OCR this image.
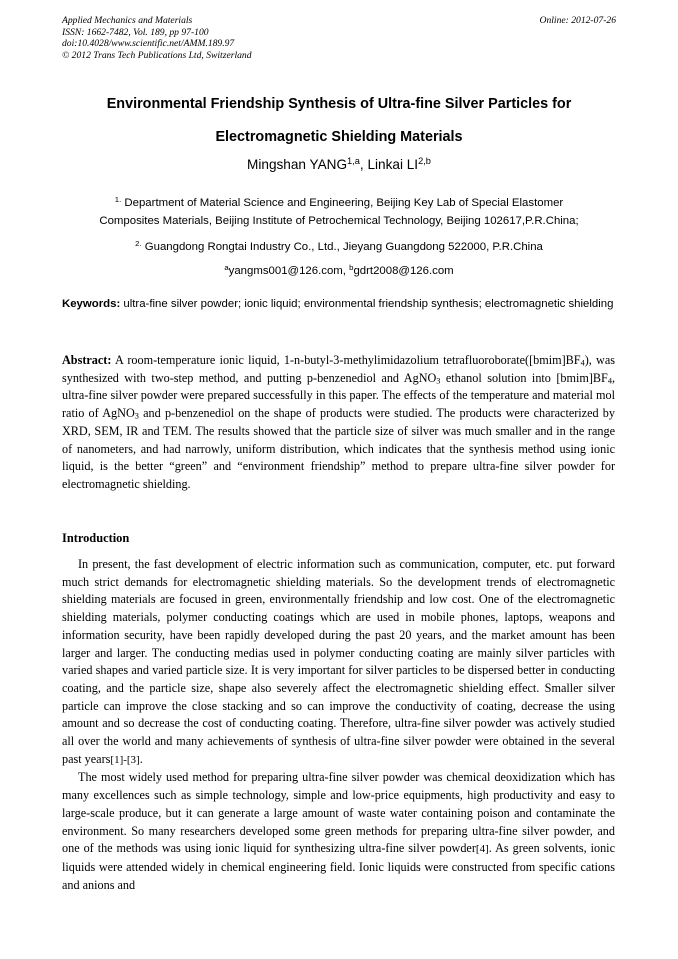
Applied Mechanics and Materials
ISSN: 1662-7482, Vol. 189, pp 97-100
doi:10.4028/www.scientific.net/AMM.189.97
© 2012 Trans Tech Publications Ltd, Switzerland
Online: 2012-07-26
Environmental Friendship Synthesis of Ultra-fine Silver Particles for
Electromagnetic Shielding Materials
Mingshan YANG$^{1,a}$, Linkai LI$^{2,b}$
$^{1.}$ Department of Material Science and Engineering, Beijing Key Lab of Special Elastomer
Composites Materials, Beijing Institute of Petrochemical Technology, Beijing 102617,P.R.China;
$^{2.}$ Guangdong Rongtai Industry Co., Ltd., Jieyang Guangdong 522000, P.R.China
$^a$yangms001@126.com, $^b$gdrt2008@126.com
Keywords: ultra-fine silver powder; ionic liquid; environmental friendship synthesis; electromagnetic shielding
Abstract: A room-temperature ionic liquid, 1-n-butyl-3-methylimidazolium $tetrafluoroborate([bmim]BF_4)$, was synthesized with two-step method, and putting p-benzenediol and AgNO$_3$ ethanol solution into $[bmim]BF_4$, ultra-fine silver powder were prepared successfully in this paper. The effects of the temperature and material mol ratio of AgNO$_3$ and p-benzenediol on the shape of products were studied. The products were characterized by XRD, SEM, IR and TEM. The results showed that the particle size of silver was much smaller and in the range of nanometers, and had narrowly, uniform distribution, which indicates that the synthesis method using ionic liquid, is the better “green” and “environment friendship” method to prepare ultra-fine silver powder for electromagnetic shielding.
Introduction

In present, the fast development of electric information such as communication, computer, etc. put forward much strict demands for electromagnetic shielding materials. So the development trends of electromagnetic shielding materials are focused in green, environmentally friendship and low cost. One of the electromagnetic shielding materials, polymer conducting coatings which are used in mobile phones, laptops, weapons and information security, have been rapidly developed during the past 20 years, and the market amount has been larger and larger. The conducting medias used in polymer conducting coating are mainly silver particles with varied shapes and varied particle size. It is very important for silver particles to be dispersed better in conducting coating, and the particle size, shape also severely affect the electromagnetic shielding effect. Smaller silver particle can improve the close stacking and so can improve the conductivity of coating, decrease the using amount and so decrease the cost of conducting coating. Therefore, ultra-fine silver powder was actively studied all over the world and many achievements of synthesis of ultra-fine silver powder were obtained in the several past years[1]-[3].

The most widely used method for preparing ultra-fine silver powder was chemical deoxidization which has many excellences such as simple technology, simple and low-price equipments, high productivity and easy to large-scale produce, but it can generate a large amount of waste water containing poison and contaminate the environment. So many researchers developed some green methods for preparing ultra-fine silver powder, and one of the methods was using ionic liquid for synthesizing ultra-fine silver powder[4]. As green solvents, ionic liquids were attended widely in chemical engineering field. Ionic liquids were constructed from specific cations and anions and
